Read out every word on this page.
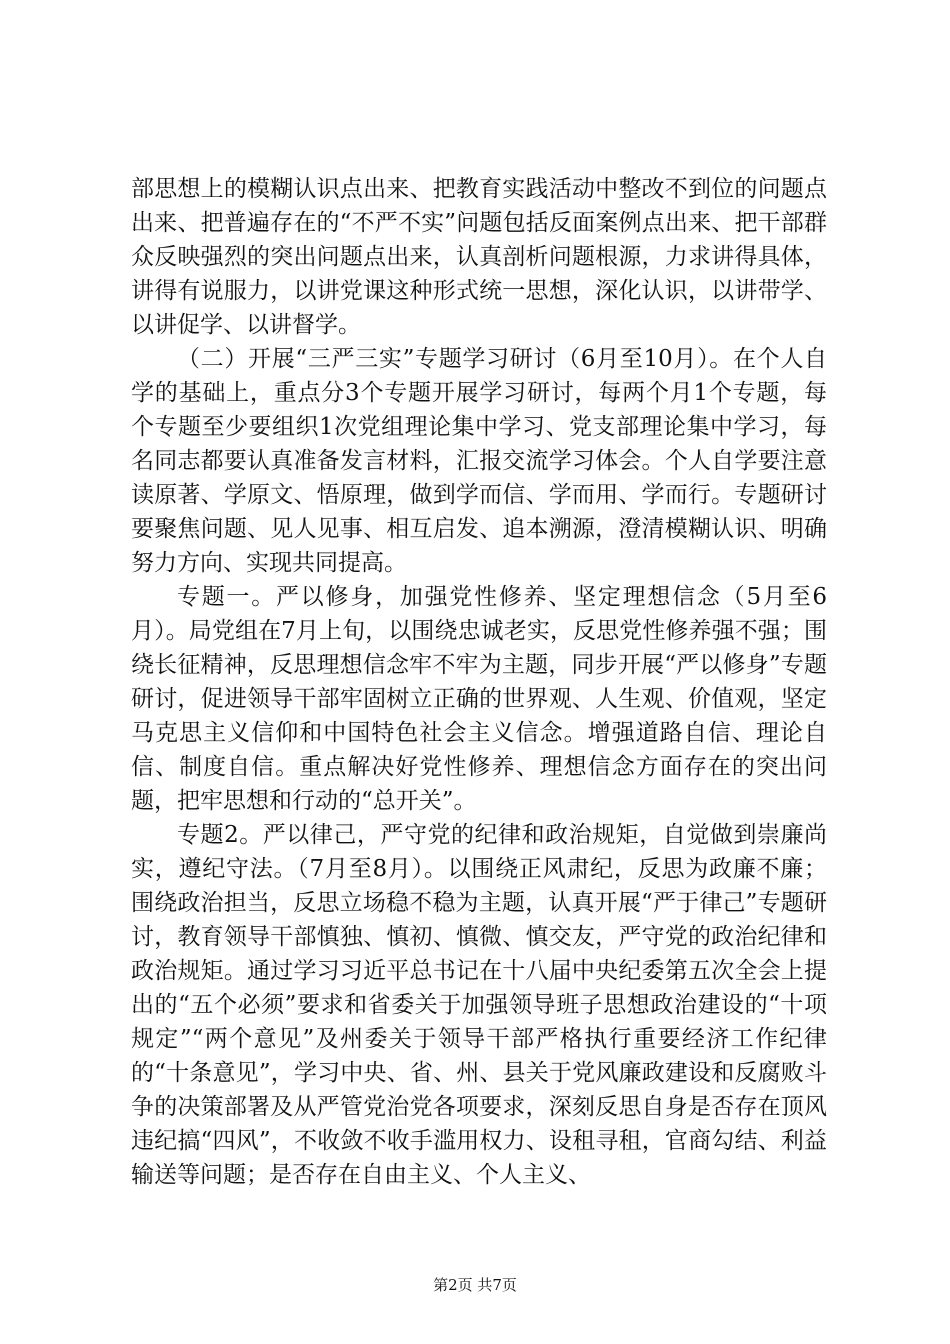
部思想上的模糊认识点出来、把教育实践活动中整改不到位的问题点出来、把普遍存在的“不严不实”问题包括反面案例点出来、把干部群众反映强烈的突出问题点出来，认真剖析问题根源，力求讲得具体，讲得有说服力，以讲党课这种形式统一思想，深化认识，以讲带学、以讲促学、以讲督学。

（二）开展“三严三实”专题学习研讨（6月至10月）。在个人自学的基础上，重点分3个专题开展学习研讨，每两个月1个专题，每个专题至少要组织1次党组理论集中学习、党支部理论集中学习，每名同志都要认真准备发言材料，汇报交流学习体会。个人自学要注意读原著、学原文、悟原理，做到学而信、学而用、学而行。专题研讨要聚焦问题、见人见事、相互启发、追本溯源，澄清模糊认识、明确努力方向、实现共同提高。

专题一。严以修身，加强党性修养、坚定理想信念（5月至6月）。局党组在7月上旬，以围绕忠诚老实，反思党性修养强不强；围绕长征精神，反思理想信念牢不牢为主题，同步开展“严以修身”专题研讨，促进领导干部牢固树立正确的世界观、人生观、价值观，坚定马克思主义信仰和中国特色社会主义信念。增强道路自信、理论自信、制度自信。重点解决好党性修养、理想信念方面存在的突出问题，把牢思想和行动的“总开关”。

专题2。严以律己，严守党的纪律和政治规矩，自觉做到崇廉尚实，遵纪守法。（7月至8月）。以围绕正风肃纪，反思为政廉不廉；围绕政治担当，反思立场稳不稳为主题，认真开展“严于律己”专题研讨，教育领导干部慎独、慎初、慎微、慎交友，严守党的政治纪律和政治规矩。通过学习习近平总书记在十八届中央纪委第五次全会上提出的“五个必须”要求和省委关于加强领导班子思想政治建设的“十项规定”“两个意见”及州委关于领导干部严格执行重要经济工作纪律的“十条意见”，学习中央、省、州、县关于党风廉政建设和反腐败斗争的决策部署及从严管党治党各项要求，深刻反思自身是否存在顶风违纪搞“四风”，不收敛不收手滥用权力、设租寻租，官商勾结、利益输送等问题；是否存在自由主义、个人主义、

第2页 共7页
